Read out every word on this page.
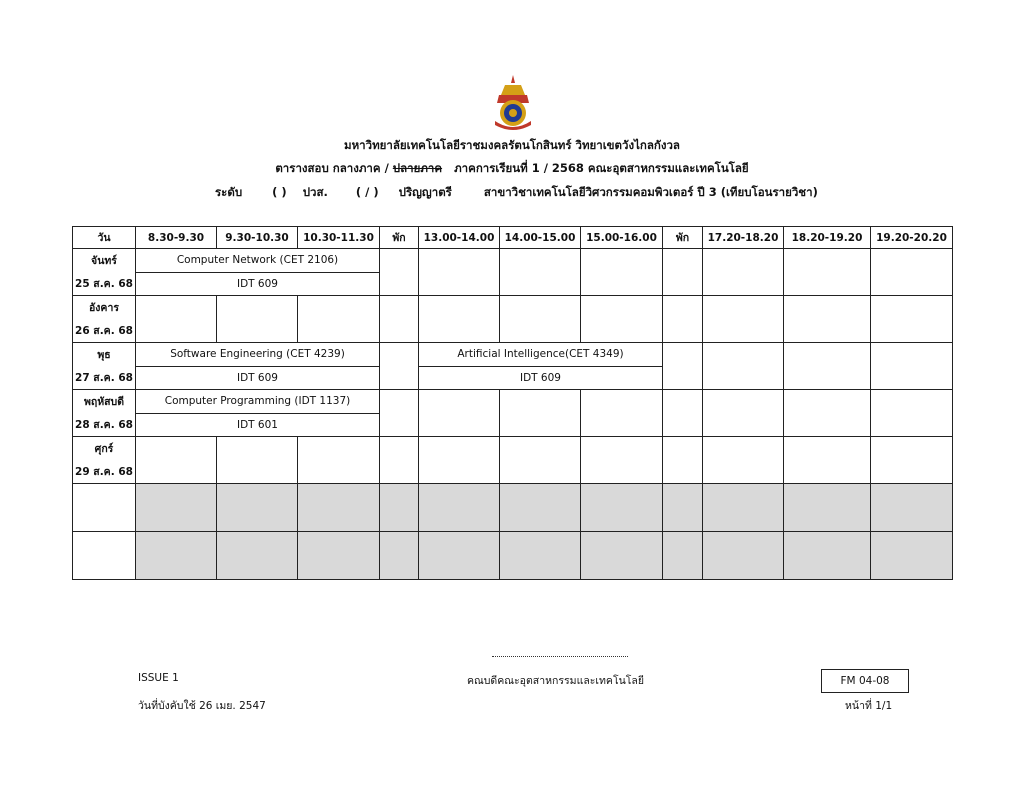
มหาวิทยาลัยเทคโนโลยีราชมงคลรัตนโกสินทร์ วิทยาเขตวังไกลกังวล
ตารางสอบ กลางภาค / ปลายภาค ภาคการเรียนที่ 1 / 2568 คณะอุตสาหกรรมและเทคโนโลยี
ระดับ	( ) ปวส. ( / ) ปริญญาตรี	สาขาวิชาเทคโนโลยีวิศวกรรมคอมพิวเตอร์ ปี 3 (เทียบโอนรายวิชา)
วัน	8.30-9.30	9.30-10.30	10.30-11.30	พัก	13.00-14.00	14.00-15.00	15.00-16.00	พัก	17.20-18.20	18.20-19.20	19.20-20.20
จันทร์	Computer Network (CET 2106)										
25 ส.ค. 68	IDT 609										
อังคาร											
26 ส.ค. 68											
พุธ	Software Engineering (CET 4239)				Artificial Intelligence(CET 4349)						
27 ส.ค. 68	IDT 609				IDT 609						
พฤหัสบดี	Computer Programming (IDT 1137)										
28 ส.ค. 68	IDT 601										
ศุกร์											
29 ส.ค. 68											

ISSUE 1
วันที่บังคับใช้ 26 เมย. 2547
คณบดีคณะอุตสาหกรรมและเทคโนโลยี	FM 04-08
หน้าที่ 1/1
